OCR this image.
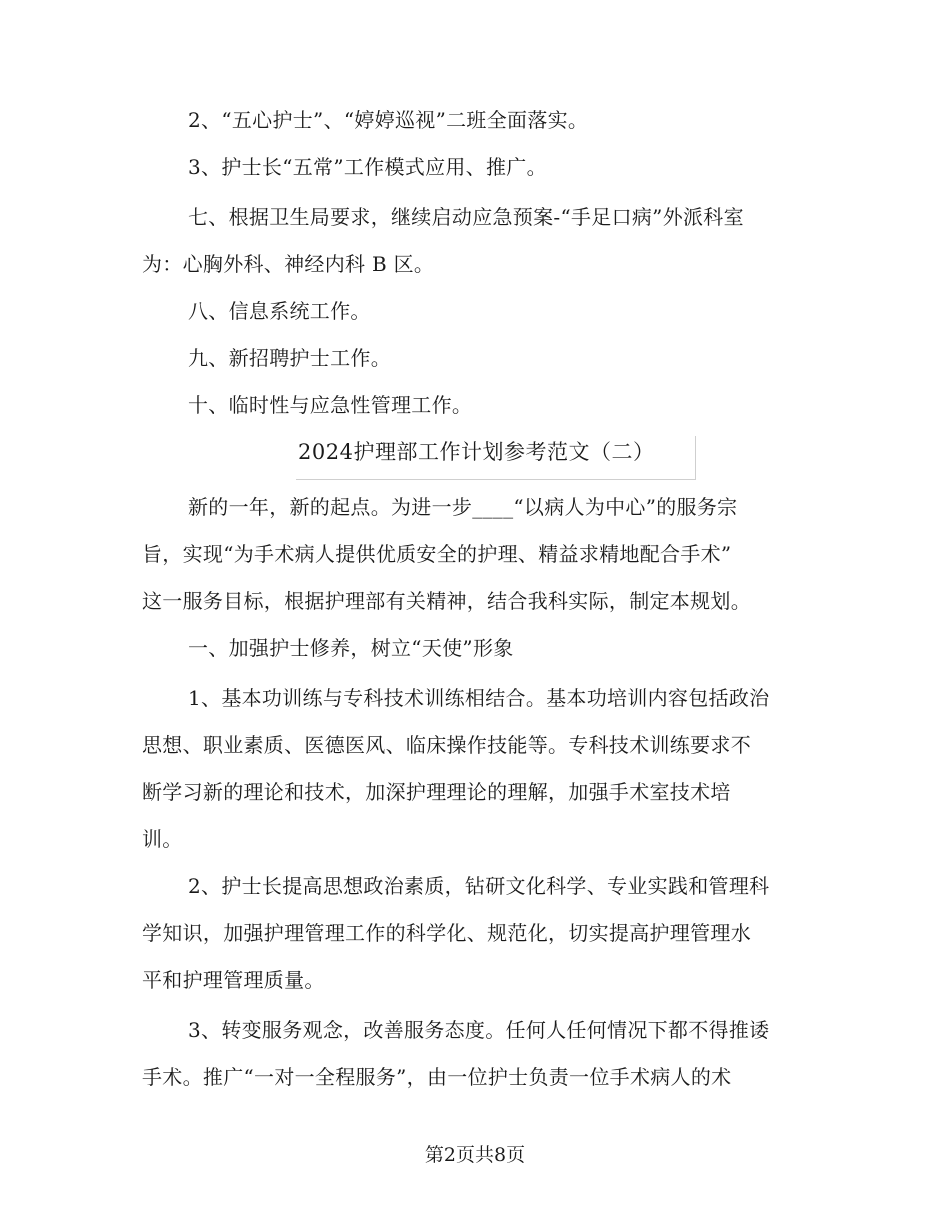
2、“五心护士”、“婷婷巡视”二班全面落实。
3、护士长“五常”工作模式应用、推广。
七、根据卫生局要求，继续启动应急预案-“手足口病”外派科室
为：心胸外科、神经内科 B 区。
八、信息系统工作。
九、新招聘护士工作。
十、临时性与应急性管理工作。
2024护理部工作计划参考范文（二）
新的一年，新的起点。为进一步____“以病人为中心”的服务宗
旨，实现“为手术病人提供优质安全的护理、精益求精地配合手术”
这一服务目标，根据护理部有关精神，结合我科实际，制定本规划。
一、加强护士修养，树立“天使”形象
1、基本功训练与专科技术训练相结合。基本功培训内容包括政治
思想、职业素质、医德医风、临床操作技能等。专科技术训练要求不
断学习新的理论和技术，加深护理理论的理解，加强手术室技术培
训。
2、护士长提高思想政治素质，钻研文化科学、专业实践和管理科
学知识，加强护理管理工作的科学化、规范化，切实提高护理管理水
平和护理管理质量。
3、转变服务观念，改善服务态度。任何人任何情况下都不得推诿
手术。推广“一对一全程服务”，由一位护士负责一位手术病人的术
第2页共8页
